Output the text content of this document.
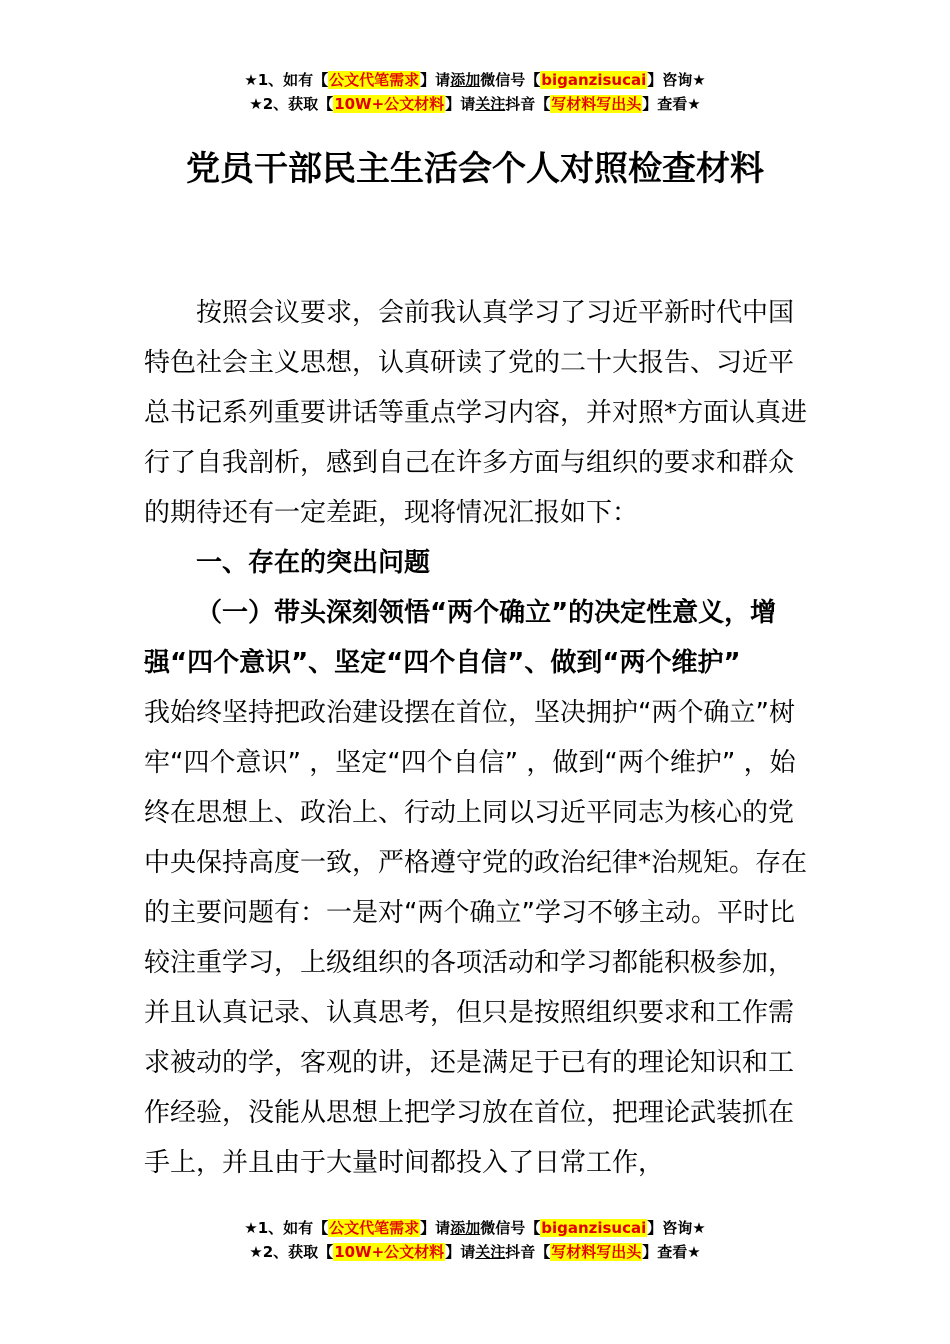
★1、如有【公文代笔需求】请添加微信号【biganzisucai】咨询★
★2、获取【10W+公文材料】请关注抖音【写材料写出头】查看★
党员干部民主生活会个人对照检查材料

按照会议要求，会前我认真学习了习近平新时代中国特色社会主义思想，认真研读了党的二十大报告、习近平总书记系列重要讲话等重点学习内容，并对照*方面认真进行了自我剖析，感到自己在许多方面与组织的要求和群众的期待还有一定差距，现将情况汇报如下：

一、存在的突出问题

（一）带头深刻领悟“两个确立”的决定性意义，增强“四个意识”、坚定“四个自信”、做到“两个维护”

我始终坚持把政治建设摆在首位，坚决拥护“两个确立”树牢“四个意识” ，坚定“四个自信” ，做到“两个维护” ，始终在思想上、政治上、行动上同以习近平同志为核心的党中央保持高度一致，严格遵守党的政治纪律*治规矩。存在的主要问题有：一是对“两个确立”学习不够主动。平时比较注重学习，上级组织的各项活动和学习都能积极参加，并且认真记录、认真思考，但只是按照组织要求和工作需求被动的学，客观的讲，还是满足于已有的理论知识和工作经验，没能从思想上把学习放在首位，把理论武装抓在手上，并且由于大量时间都投入了日常工作，

★1、如有【公文代笔需求】请添加微信号【biganzisucai】咨询★
★2、获取【10W+公文材料】请关注抖音【写材料写出头】查看★
